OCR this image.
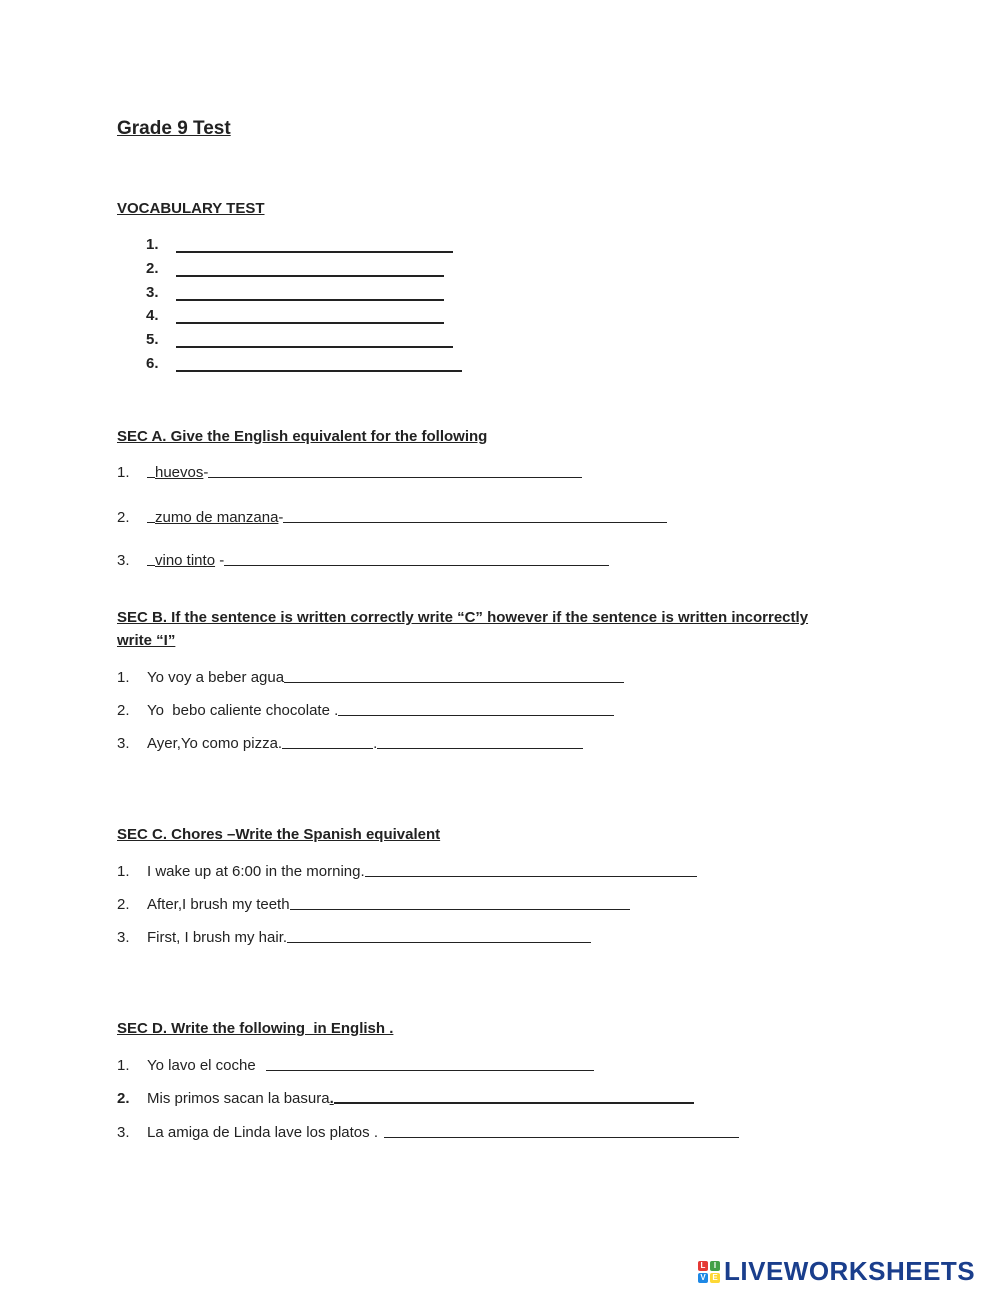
Grade 9 Test
VOCABULARY TEST
1.
2.
3.
4.
5.
6.
SEC A. Give the English equivalent for the following
1.	huevos -
2.	zumo de manzana -
3.	vino tinto -
SEC B. If the sentence is written correctly write “C” however if the sentence is written incorrectly
write “I”
1.	Yo voy a beber agua
2.	Yo  bebo caliente chocolate .
3.	Ayer,Yo como pizza.	.
SEC C. Chores –Write the Spanish equivalent
1.	I wake up at 6:00 in the morning.
2.	After,I brush my teeth
3.	First, I brush my hair.
SEC D. Write the following  in English .
1.	Yo lavo el coche
2.	Mis primos sacan la basura .
3.	La amiga de Linda lave los platos .
L	I
V E LIVEWORKSHEETS
